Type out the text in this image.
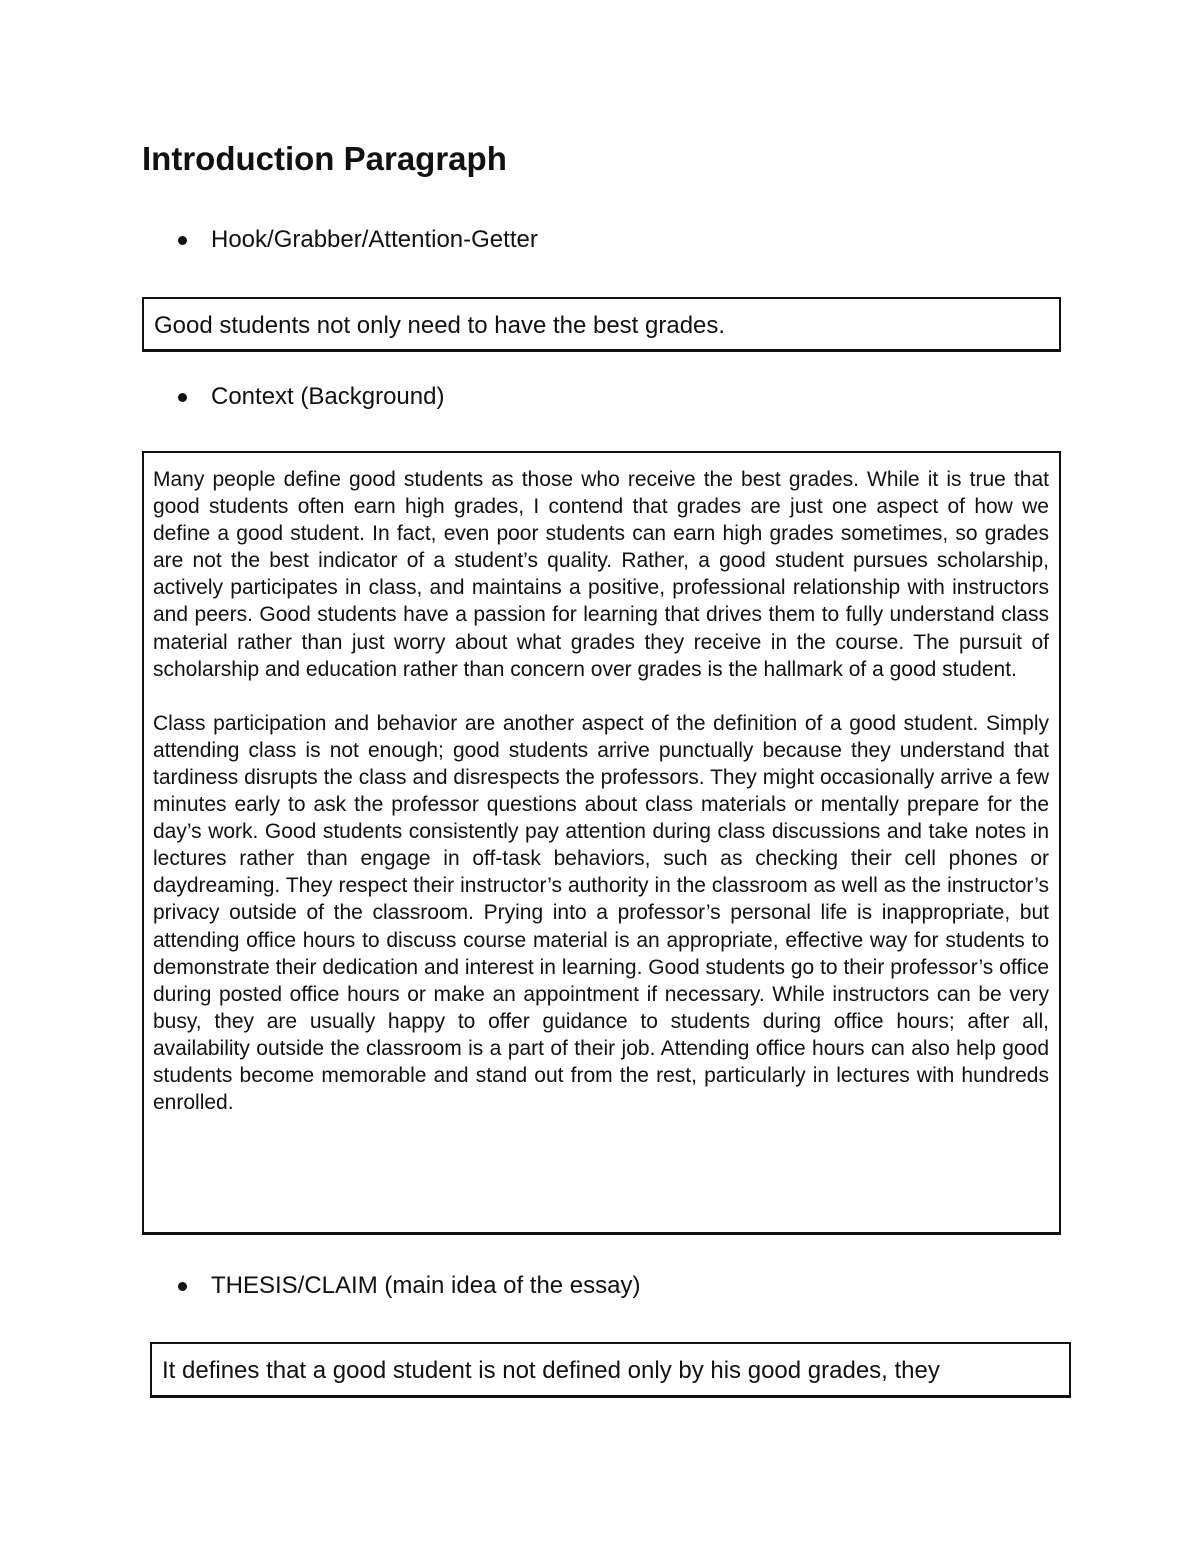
Introduction Paragraph
Hook/Grabber/Attention-Getter
Good students not only need to have the best grades.
Context (Background)

Many people define good students as those who receive the best grades. While it is true that good students often earn high grades, I contend that grades are just one aspect of how we define a good student. In fact, even poor students can earn high grades sometimes, so grades are not the best indicator of a student’s quality. Rather, a good student pursues scholarship, actively participates in class, and maintains a positive, professional relationship with instructors and peers. Good students have a passion for learning that drives them to fully understand class material rather than just worry about what grades they receive in the course. The pursuit of scholarship and education rather than concern over grades is the hallmark of a good student.

Class participation and behavior are another aspect of the definition of a good student. Simply attending class is not enough; good students arrive punctually because they understand that tardiness disrupts the class and disrespects the professors. They might occasionally arrive a few minutes early to ask the professor questions about class materials or mentally prepare for the day’s work. Good students consistently pay attention during class discussions and take notes in lectures rather than engage in off-task behaviors, such as checking their cell phones or daydreaming. They respect their instructor’s authority in the classroom as well as the instructor’s privacy outside of the classroom. Prying into a professor’s personal life is inappropriate, but attending office hours to discuss course material is an appropriate, effective way for students to demonstrate their dedication and interest in learning. Good students go to their professor’s office during posted office hours or make an appointment if necessary. While instructors can be very busy, they are usually happy to offer guidance to students during office hours; after all, availability outside the classroom is a part of their job. Attending office hours can also help good students become memorable and stand out from the rest, particularly in lectures with hundreds enrolled.

THESIS/CLAIM (main idea of the essay)
It defines that a good student is not defined only by his good grades, they
